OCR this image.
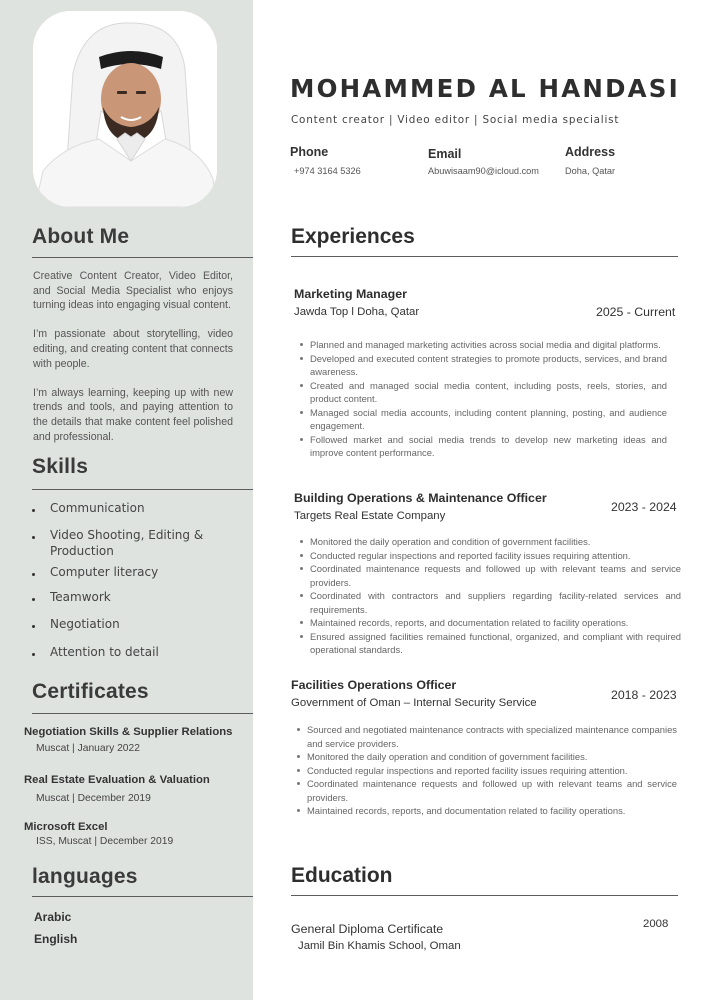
About Me

Creative Content Creator, Video Editor, and Social Media Specialist who enjoys turning ideas into engaging visual content.

I’m passionate about storytelling, video editing, and creating content that connects with people.

I’m always learning, keeping up with new trends and tools, and paying attention to the details that make content feel polished and professional.

Skills
Communication
Video Shooting, Editing & Production
Computer literacy
Teamwork
Negotiation
Attention to detail
Certificates
Negotiation Skills & Supplier Relations
Muscat | January 2022
Real Estate Evaluation & Valuation
Muscat | December 2019
Microsoft Excel
ISS, Muscat | December 2019
languages
Arabic
English
MOHAMMED AL HANDASI
Content creator | Video editor | Social media specialist
Phone
+974 3164 5326
Email
Abuwisaam90@icloud.com
Address
Doha, Qatar
Experiences
Marketing Manager
Jawda Top l Doha, Qatar	2025 - Current
Planned and managed marketing activities across social media and digital platforms.
Developed and executed content strategies to promote products, services, and brand awareness.
Created and managed social media content, including posts, reels, stories, and product content.
Managed social media accounts, including content planning, posting, and audience engagement.
Followed market and social media trends to develop new marketing ideas and improve content performance.
Building Operations & Maintenance Officer
Targets Real Estate Company
2023 - 2024
Monitored the daily operation and condition of government facilities.
Conducted regular inspections and reported facility issues requiring attention.
Coordinated maintenance requests and followed up with relevant teams and service providers.
Coordinated with contractors and suppliers regarding facility-related services and requirements.
Maintained records, reports, and documentation related to facility operations.
Ensured assigned facilities remained functional, organized, and compliant with required operational standards.
Facilities Operations Officer
Government of Oman – Internal Security Service
2018 - 2023
Sourced and negotiated maintenance contracts with specialized maintenance companies and service providers.
Monitored the daily operation and condition of government facilities.
Conducted regular inspections and reported facility issues requiring attention.
Coordinated maintenance requests and followed up with relevant teams and service providers.
Maintained records, reports, and documentation related to facility operations.
Education
General Diploma Certificate
Jamil Bin Khamis School, Oman
2008
